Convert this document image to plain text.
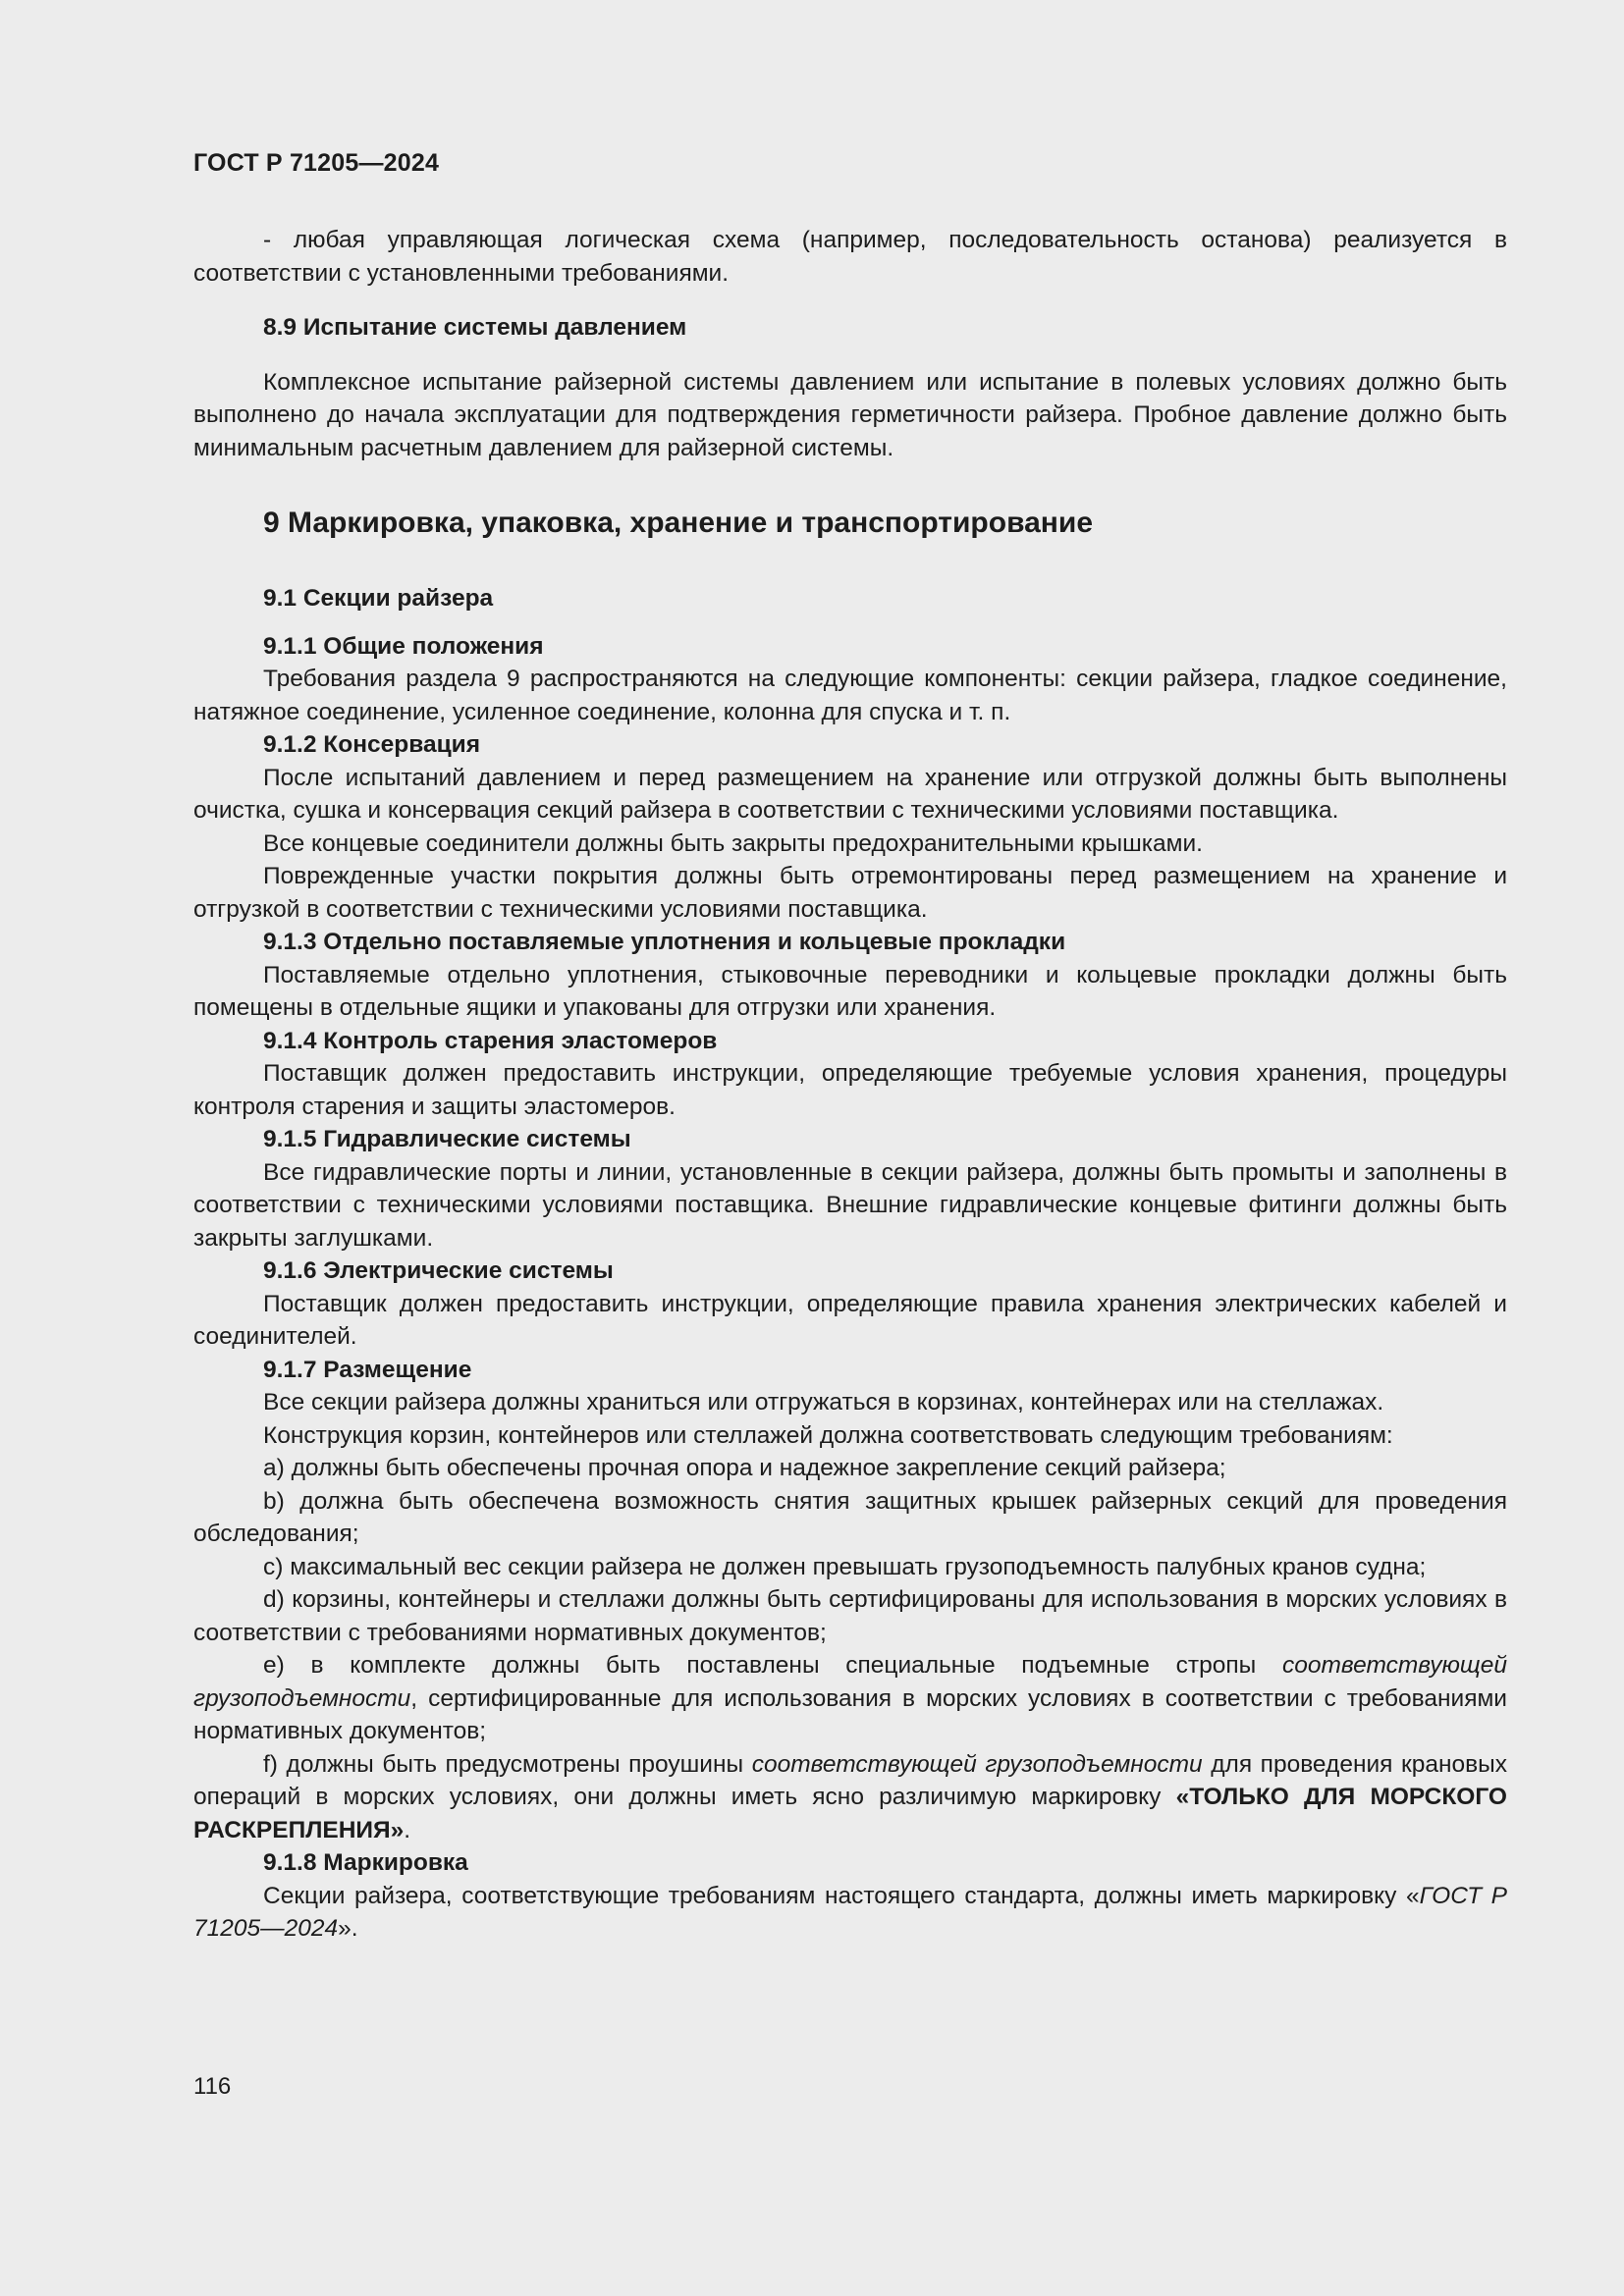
ГОСТ Р 71205—2024

- любая управляющая логическая схема (например, последовательность останова) реализуется в соответствии с установленными требованиями.

8.9 Испытание системы давлением

Комплексное испытание райзерной системы давлением или испытание в полевых условиях должно быть выполнено до начала эксплуатации для подтверждения герметичности райзера. Пробное давление должно быть минимальным расчетным давлением для райзерной системы.

9 Маркировка, упаковка, хранение и транспортирование

9.1 Секции райзера

9.1.1 Общие положения

Требования раздела 9 распространяются на следующие компоненты: секции райзера, гладкое соединение, натяжное соединение, усиленное соединение, колонна для спуска и т. п.

9.1.2 Консервация

После испытаний давлением и перед размещением на хранение или отгрузкой должны быть выполнены очистка, сушка и консервация секций райзера в соответствии с техническими условиями поставщика.

Все концевые соединители должны быть закрыты предохранительными крышками.

Поврежденные участки покрытия должны быть отремонтированы перед размещением на хранение и отгрузкой в соответствии с техническими условиями поставщика.

9.1.3 Отдельно поставляемые уплотнения и кольцевые прокладки

Поставляемые отдельно уплотнения, стыковочные переводники и кольцевые прокладки должны быть помещены в отдельные ящики и упакованы для отгрузки или хранения.

9.1.4 Контроль старения эластомеров

Поставщик должен предоставить инструкции, определяющие требуемые условия хранения, процедуры контроля старения и защиты эластомеров.

9.1.5 Гидравлические системы

Все гидравлические порты и линии, установленные в секции райзера, должны быть промыты и заполнены в соответствии с техническими условиями поставщика. Внешние гидравлические концевые фитинги должны быть закрыты заглушками.

9.1.6 Электрические системы

Поставщик должен предоставить инструкции, определяющие правила хранения электрических кабелей и соединителей.

9.1.7 Размещение

Все секции райзера должны храниться или отгружаться в корзинах, контейнерах или на стеллажах.

Конструкция корзин, контейнеров или стеллажей должна соответствовать следующим требованиям:

a) должны быть обеспечены прочная опора и надежное закрепление секций райзера;

b) должна быть обеспечена возможность снятия защитных крышек райзерных секций для проведения обследования;

c) максимальный вес секции райзера не должен превышать грузоподъемность палубных кранов судна;

d) корзины, контейнеры и стеллажи должны быть сертифицированы для использования в морских условиях в соответствии с требованиями нормативных документов;

e) в комплекте должны быть поставлены специальные подъемные стропы соответствующей грузоподъемности, сертифицированные для использования в морских условиях в соответствии с требованиями нормативных документов;

f) должны быть предусмотрены проушины соответствующей грузоподъемности для проведения крановых операций в морских условиях, они должны иметь ясно различимую маркировку «ТОЛЬКО ДЛЯ МОРСКОГО РАСКРЕПЛЕНИЯ».

9.1.8 Маркировка

Секции райзера, соответствующие требованиям настоящего стандарта, должны иметь маркировку «ГОСТ Р 71205—2024».

116
